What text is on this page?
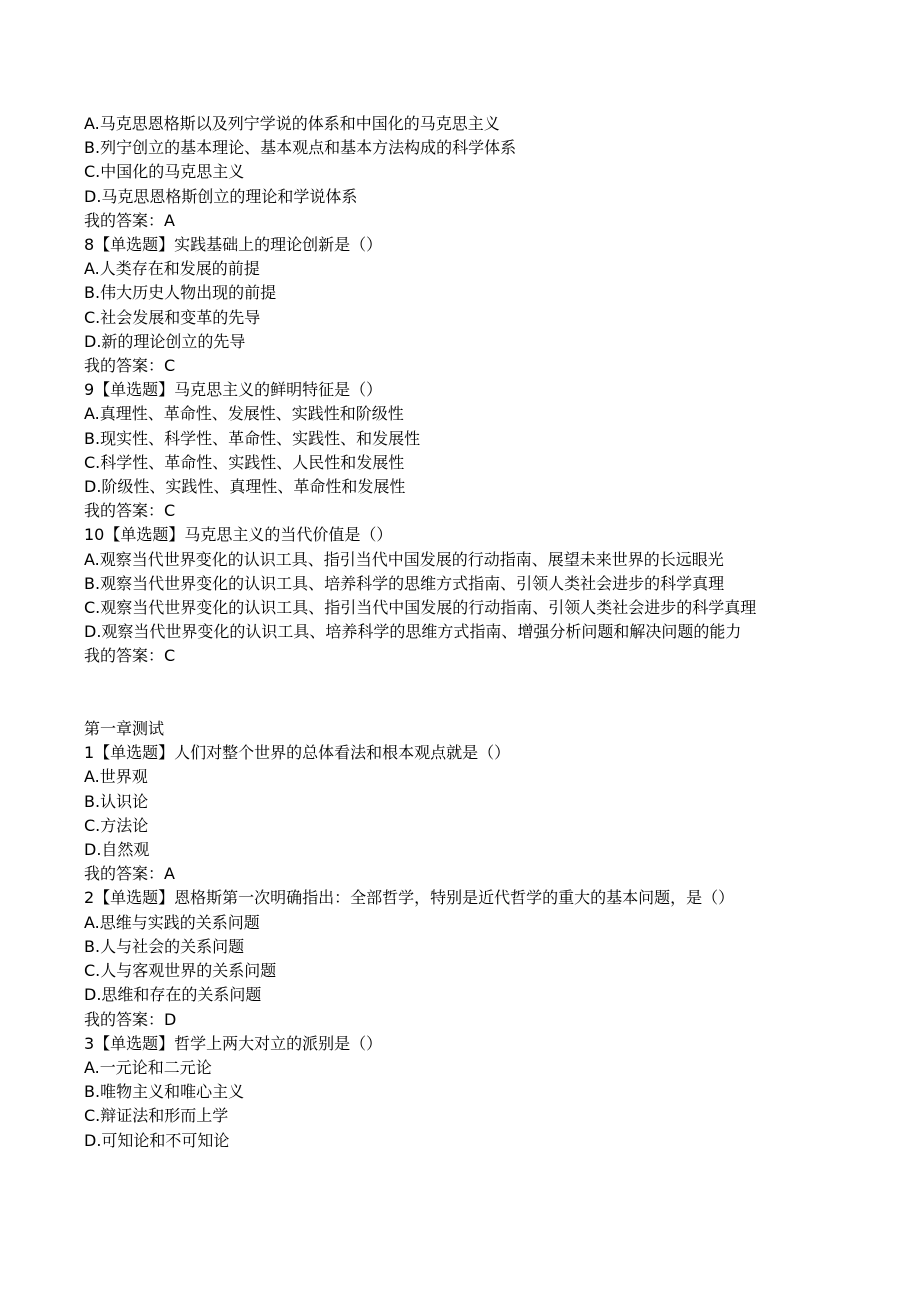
A.马克思恩格斯以及列宁学说的体系和中国化的马克思主义
B.列宁创立的基本理论、基本观点和基本方法构成的科学体系
C.中国化的马克思主义
D.马克思恩格斯创立的理论和学说体系
我的答案：A
8【单选题】实践基础上的理论创新是（）
A.人类存在和发展的前提
B.伟大历史人物出现的前提
C.社会发展和变革的先导
D.新的理论创立的先导
我的答案：C
9【单选题】马克思主义的鲜明特征是（）
A.真理性、革命性、发展性、实践性和阶级性
B.现实性、科学性、革命性、实践性、和发展性
C.科学性、革命性、实践性、人民性和发展性
D.阶级性、实践性、真理性、革命性和发展性
我的答案：C
10【单选题】马克思主义的当代价值是（）
A.观察当代世界变化的认识工具、指引当代中国发展的行动指南、展望未来世界的长远眼光
B.观察当代世界变化的认识工具、培养科学的思维方式指南、引领人类社会进步的科学真理
C.观察当代世界变化的认识工具、指引当代中国发展的行动指南、引领人类社会进步的科学真理
D.观察当代世界变化的认识工具、培养科学的思维方式指南、增强分析问题和解决问题的能力
我的答案：C
第一章测试
1【单选题】人们对整个世界的总体看法和根本观点就是（）
A.世界观
B.认识论
C.方法论
D.自然观
我的答案：A
2【单选题】恩格斯第一次明确指出：全部哲学，特别是近代哲学的重大的基本问题，是（）
A.思维与实践的关系问题
B.人与社会的关系问题
C.人与客观世界的关系问题
D.思维和存在的关系问题
我的答案：D
3【单选题】哲学上两大对立的派别是（）
A.一元论和二元论
B.唯物主义和唯心主义
C.辩证法和形而上学
D.可知论和不可知论
